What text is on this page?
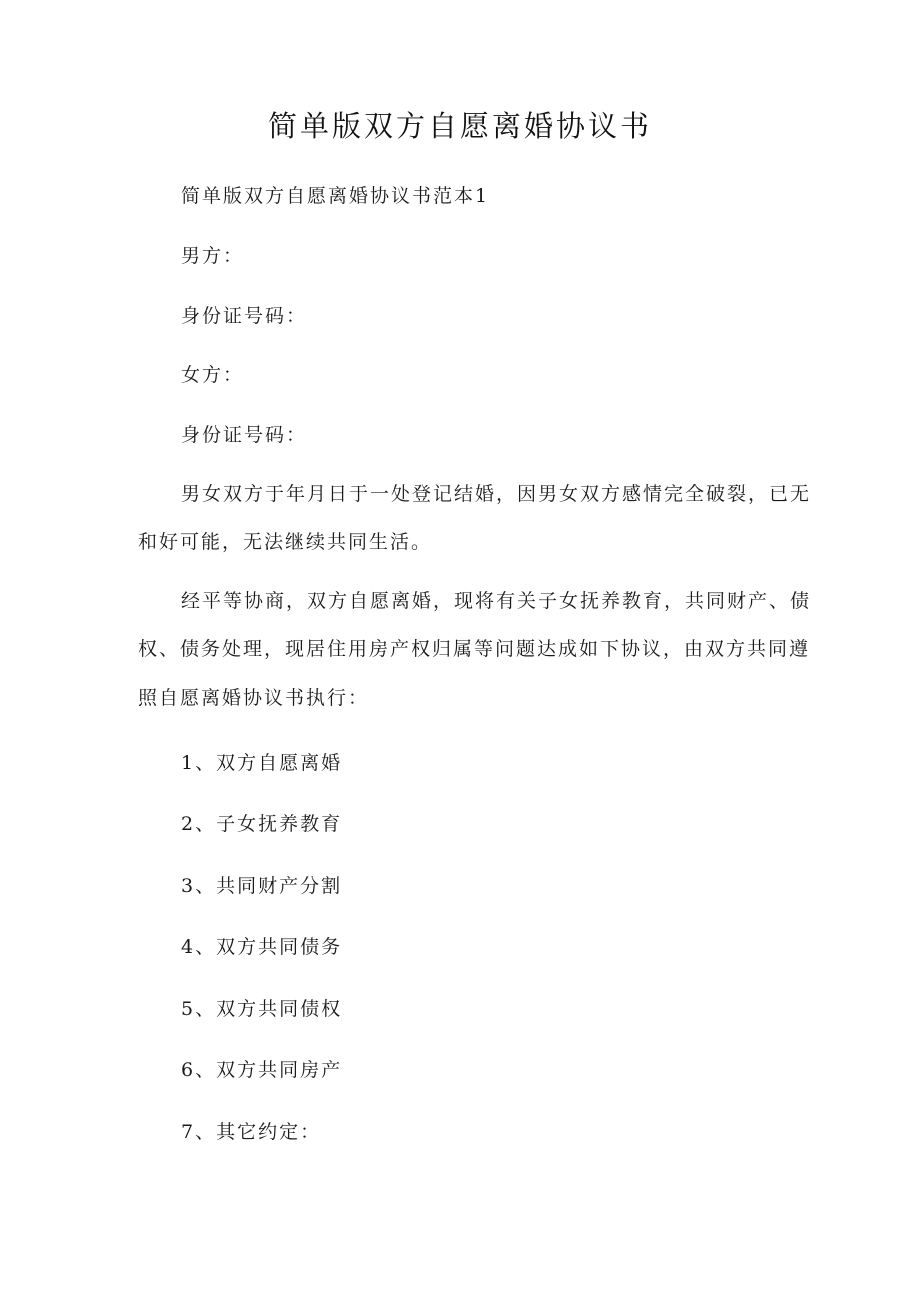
简单版双方自愿离婚协议书
简单版双方自愿离婚协议书范本1
男方：
身份证号码：
女方：
身份证号码：
男女双方于年月日于一处登记结婚，因男女双方感情完全破裂，已无
和好可能，无法继续共同生活。
经平等协商，双方自愿离婚，现将有关子女抚养教育，共同财产、债
权、债务处理，现居住用房产权归属等问题达成如下协议，由双方共同遵
照自愿离婚协议书执行：
1、双方自愿离婚
2、子女抚养教育
3、共同财产分割
4、双方共同债务
5、双方共同债权
6、双方共同房产
7、其它约定：
